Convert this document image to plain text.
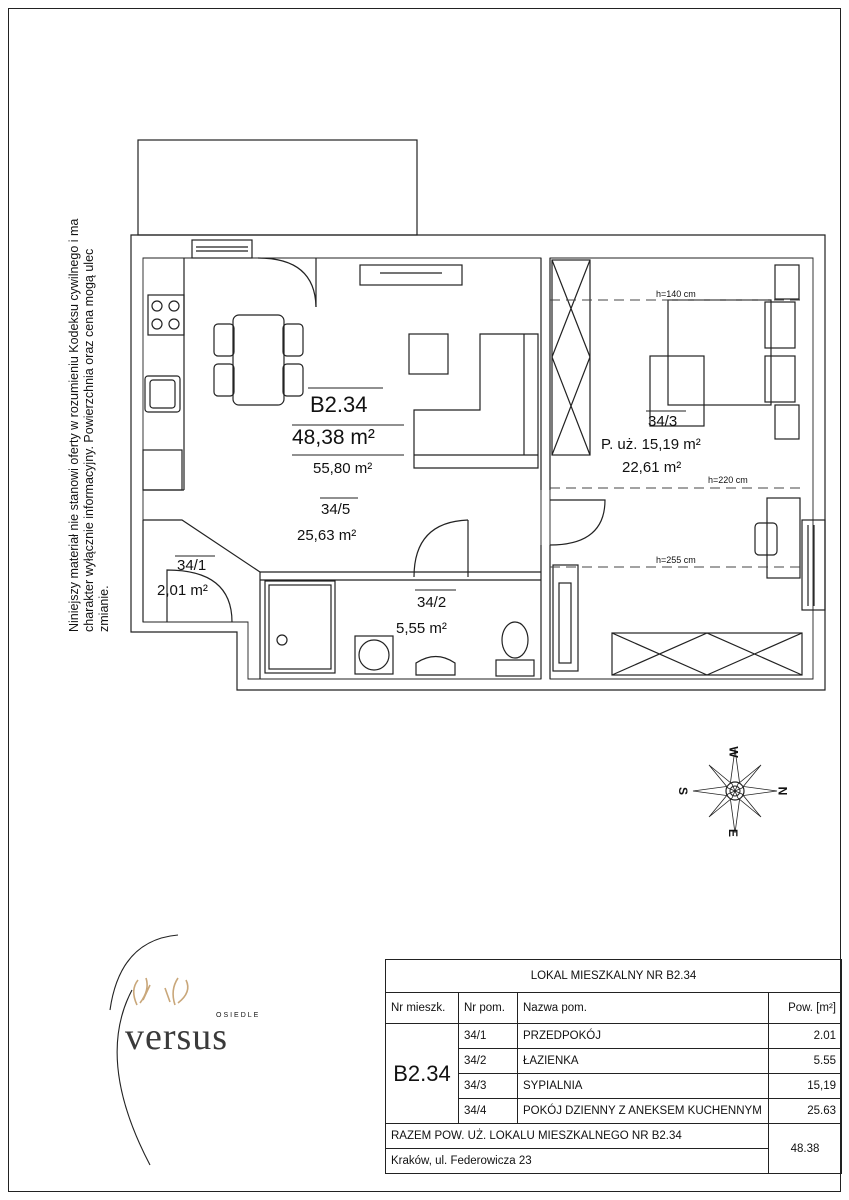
Niniejszy materiał nie stanowi oferty w rozumieniu Kodeksu cywilnego i ma charakter wyłącznie informacyjny. Powierzchnia oraz cena mogą ulec zmianie.
B2.34
48,38 m²
55,80 m²
34/5
25,63 m²
34/1
2,01 m²
34/2
5,55 m²
34/3
P. uż. 15,19 m²
22,61 m²
h=140 cm
h=220 cm
h=255 cm
W
N
E
S
OSIEDLE
versus
LOKAL MIESZKALNY NR B2.34			
Nr mieszk.	Nr pom.	Nazwa pom.	Pow. [m²]
B2.34	34/1	PRZEDPOKÓJ	2.01
	34/2	ŁAZIENKA	5.55
	34/3	SYPIALNIA	15,19
	34/4	POKÓJ DZIENNY Z ANEKSEM KUCHENNYM	25.63
RAZEM POW. UŻ. LOKALU MIESZKALNEGO NR B2.34			48.38
Kraków, ul. Federowicza 23			
